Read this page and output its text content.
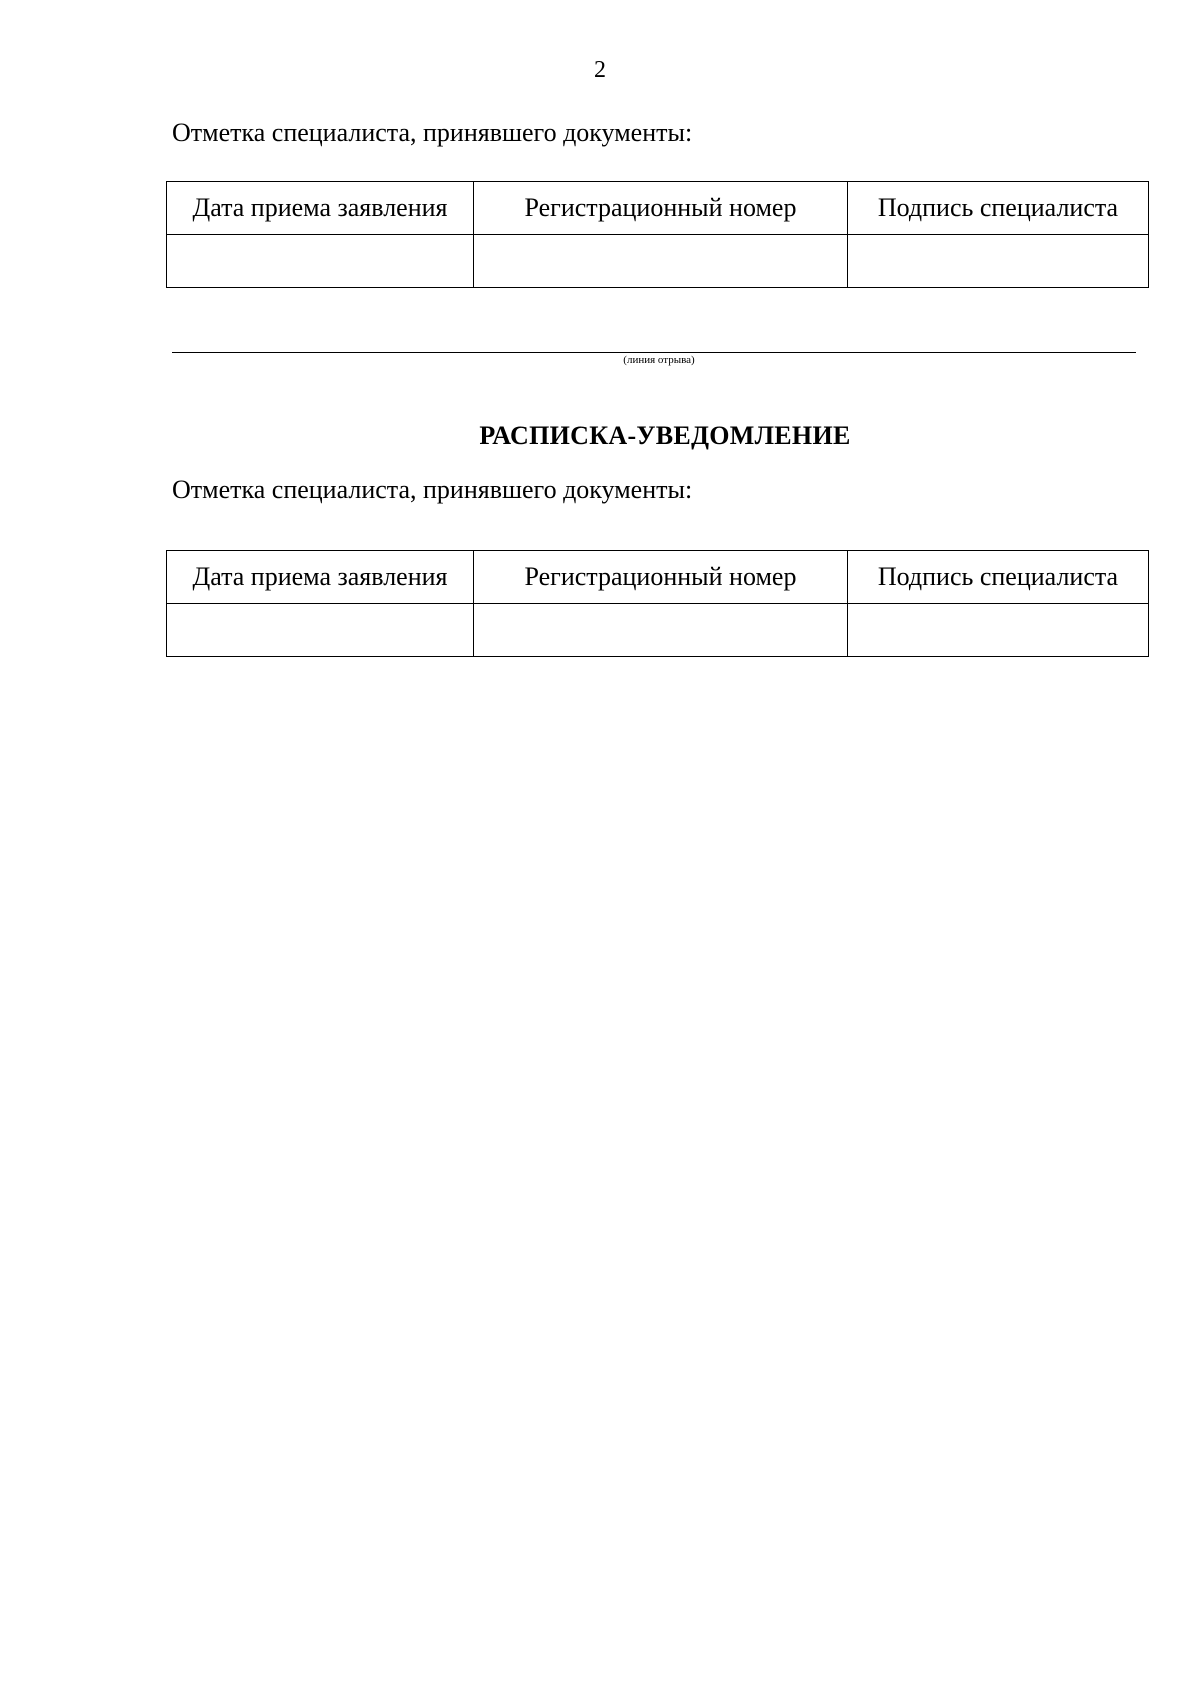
2
Отметка специалиста, принявшего документы:
Дата приема заявления	Регистрационный номер	Подпись специалиста

(линия отрыва)
РАСПИСКА-УВЕДОМЛЕНИЕ
Отметка специалиста, принявшего документы:
Дата приема заявления	Регистрационный номер	Подпись специалиста
